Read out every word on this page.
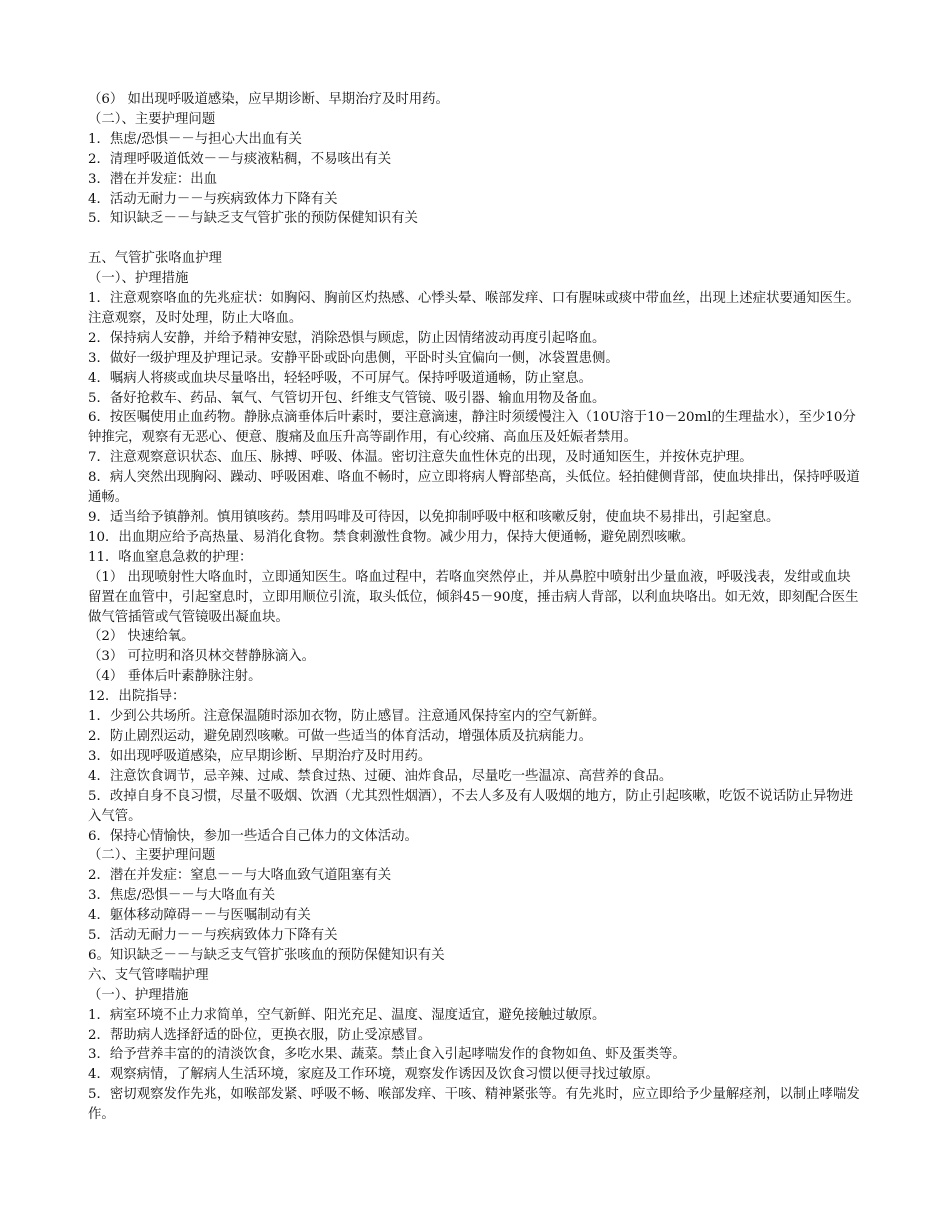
（6） 如出现呼吸道感染，应早期诊断、早期治疗及时用药。
（二）、主要护理问题
1．焦虑/恐惧－－与担心大出血有关
2．清理呼吸道低效－－与痰液粘稠，不易咳出有关
3．潜在并发症：出血
4．活动无耐力－－与疾病致体力下降有关
5．知识缺乏－－与缺乏支气管扩张的预防保健知识有关
五、气管扩张咯血护理
（一）、护理措施
1．注意观察咯血的先兆症状：如胸闷、胸前区灼热感、心悸头晕、喉部发痒、口有腥味或痰中带血丝，出现上述症状要通知医生。注意观察，及时处理，防止大咯血。
2．保持病人安静，并给予精神安慰，消除恐惧与顾虑，防止因情绪波动再度引起咯血。
3．做好一级护理及护理记录。安静平卧或卧向患侧，平卧时头宜偏向一侧，冰袋置患侧。
4．嘱病人将痰或血块尽量咯出，轻轻呼吸，不可屏气。保持呼吸道通畅，防止窒息。
5．备好抢救车、药品、氧气、气管切开包、纤维支气管镜、吸引器、输血用物及备血。
6．按医嘱使用止血药物。静脉点滴垂体后叶素时，要注意滴速，静注时须缓慢注入（10U溶于10－20ml的生理盐水），至少10分钟推完，观察有无恶心、便意、腹痛及血压升高等副作用，有心绞痛、高血压及妊娠者禁用。
7．注意观察意识状态、血压、脉搏、呼吸、体温。密切注意失血性休克的出现，及时通知医生，并按休克护理。
8．病人突然出现胸闷、躁动、呼吸困难、咯血不畅时，应立即将病人臀部垫高，头低位。轻拍健侧背部，使血块排出，保持呼吸道通畅。
9．适当给予镇静剂。慎用镇咳药。禁用吗啡及可待因，以免抑制呼吸中枢和咳嗽反射，使血块不易排出，引起窒息。
10．出血期应给予高热量、易消化食物。禁食刺激性食物。减少用力，保持大便通畅，避免剧烈咳嗽。
11．咯血窒息急救的护理：
（1） 出现喷射性大咯血时，立即通知医生。咯血过程中，若咯血突然停止，并从鼻腔中喷射出少量血液，呼吸浅表，发绀或血块留置在血管中，引起窒息时，立即用顺位引流，取头低位，倾斜45－90度，捶击病人背部，以利血块咯出。如无效，即刻配合医生做气管插管或气管镜吸出凝血块。
（2） 快速给氧。
（3） 可拉明和洛贝林交替静脉滴入。
（4） 垂体后叶素静脉注射。
12．出院指导：
1．少到公共场所。注意保温随时添加衣物，防止感冒。注意通风保持室内的空气新鲜。
2．防止剧烈运动，避免剧烈咳嗽。可做一些适当的体育活动，增强体质及抗病能力。
3．如出现呼吸道感染，应早期诊断、早期治疗及时用药。
4．注意饮食调节，忌辛辣、过咸、禁食过热、过硬、油炸食品，尽量吃一些温凉、高营养的食品。
5．改掉自身不良习惯，尽量不吸烟、饮酒（尤其烈性烟酒），不去人多及有人吸烟的地方，防止引起咳嗽，吃饭不说话防止异物进入气管。
6．保持心情愉快，参加一些适合自己体力的文体活动。
（二）、主要护理问题
2．潜在并发症：窒息－－与大咯血致气道阻塞有关
3．焦虑/恐惧－－与大咯血有关
4．躯体移动障碍－－与医嘱制动有关
5．活动无耐力－－与疾病致体力下降有关
6。知识缺乏－－与缺乏支气管扩张咳血的预防保健知识有关
六、支气管哮喘护理
（一）、护理措施
1．病室环境不止力求简单，空气新鲜、阳光充足、温度、湿度适宜，避免接触过敏原。
2．帮助病人选择舒适的卧位，更换衣服，防止受凉感冒。
3．给予营养丰富的的清淡饮食，多吃水果、蔬菜。禁止食入引起哮喘发作的食物如鱼、虾及蛋类等。
4．观察病情，了解病人生活环境，家庭及工作环境，观察发作诱因及饮食习惯以便寻找过敏原。
5．密切观察发作先兆，如喉部发紧、呼吸不畅、喉部发痒、干咳、精神紧张等。有先兆时，应立即给予少量解痉剂，以制止哮喘发作。
